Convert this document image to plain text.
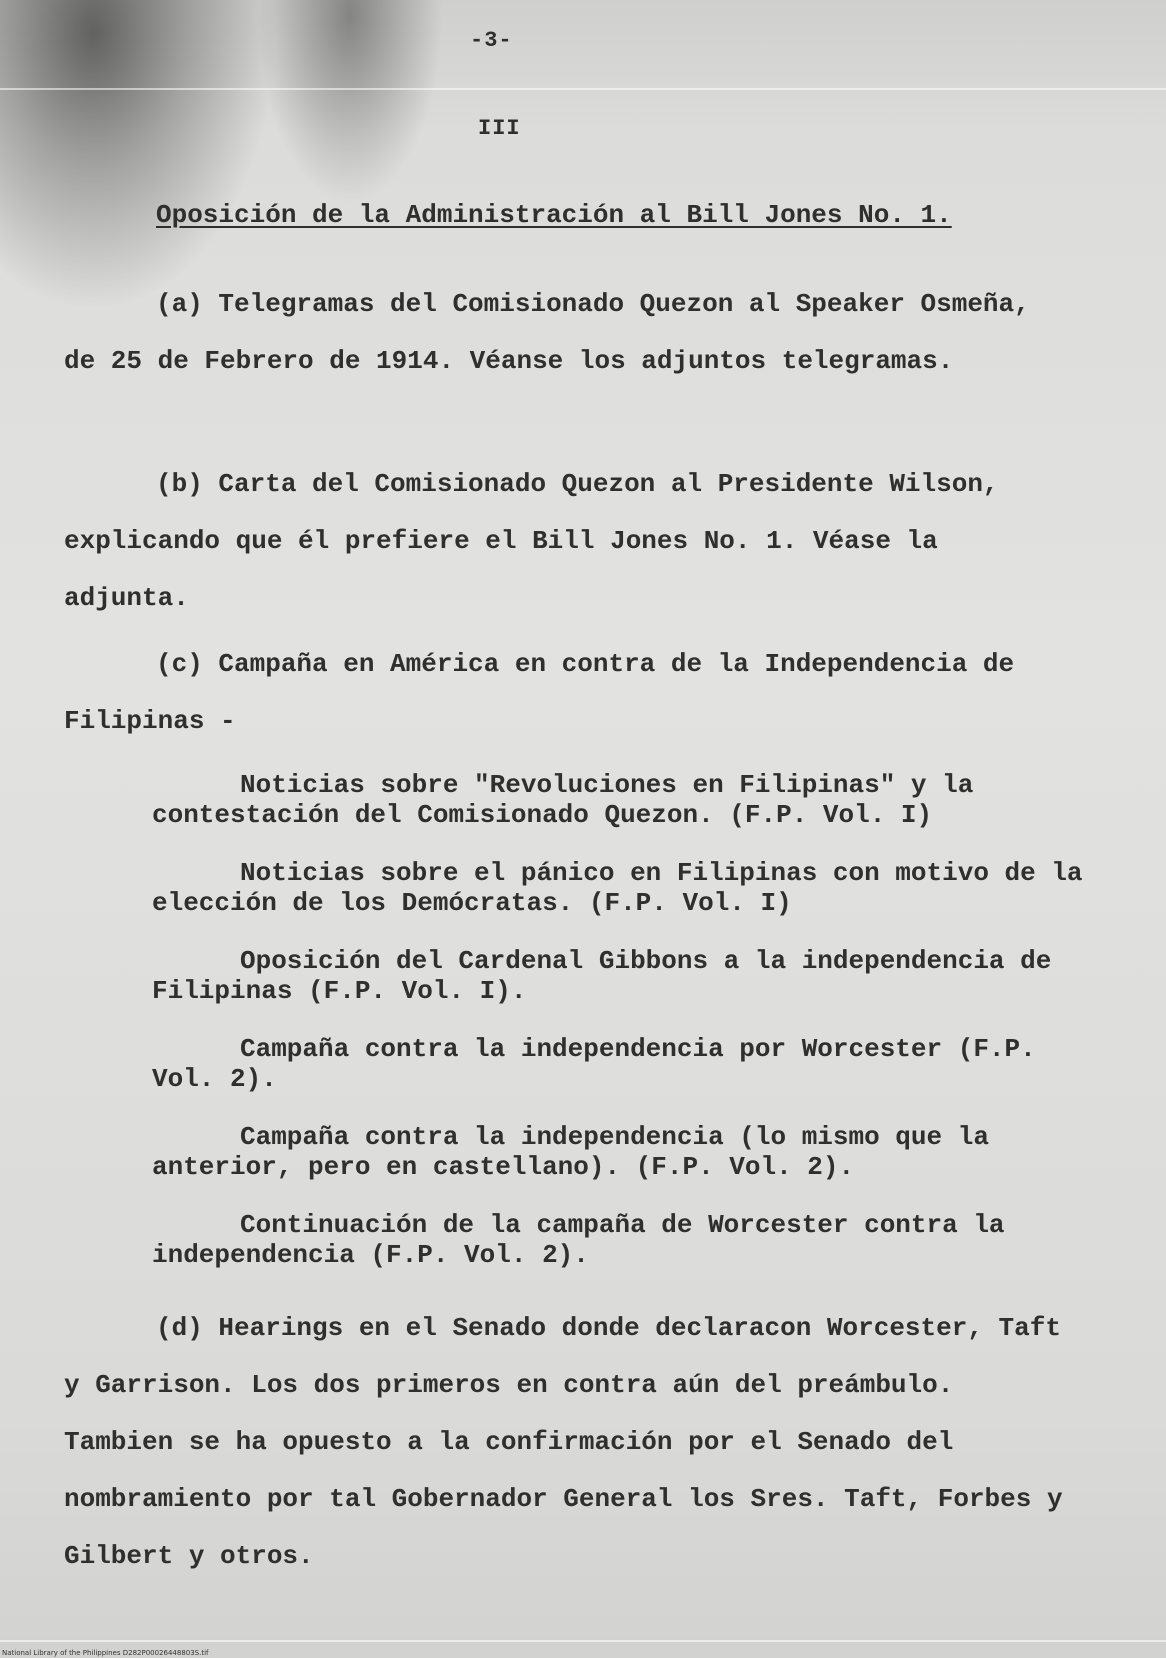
-3-
III
Oposición de la Administración al Bill Jones No. 1.
(a) Telegramas del Comisionado Quezon al Speaker Osmeña, de 25 de Febrero de 1914. Véanse los adjuntos telegramas.
(b) Carta del Comisionado Quezon al Presidente Wilson, explicando que él prefiere el Bill Jones No. 1. Véase la adjunta.
(c) Campaña en América en contra de la Independencia de Filipinas -
Noticias sobre "Revoluciones en Filipinas" y la contestación del Comisionado Quezon. (F.P. Vol. I)
Noticias sobre el pánico en Filipinas con motivo de la elección de los Demócratas. (F.P. Vol. I)
Oposición del Cardenal Gibbons a la independencia de Filipinas (F.P. Vol. I).
Campaña contra la independencia por Worcester (F.P. Vol. 2).
Campaña contra la independencia (lo mismo que la anterior, pero en castellano). (F.P. Vol. 2).
Continuación de la campaña de Worcester contra la independencia (F.P. Vol. 2).
(d) Hearings en el Senado donde declaracon Worcester, Taft y Garrison. Los dos primeros en contra aún del preámbulo. Tambien se ha opuesto a la confirmación por el Senado del nombramiento por tal Gobernador General los Sres. Taft, Forbes y Gilbert y otros.
National Library of the Philippines D282P00026448803S.tif
